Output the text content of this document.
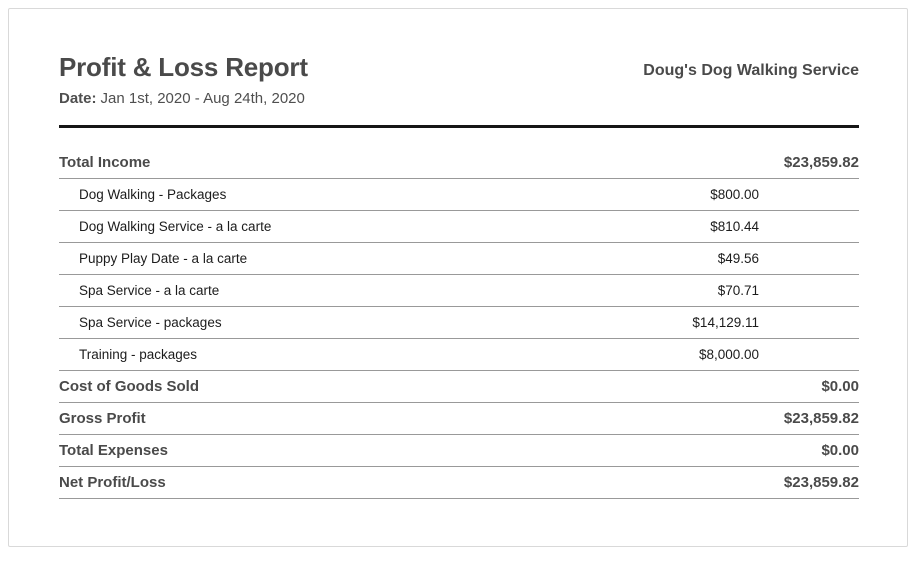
Profit & Loss Report
Date: Jan 1st, 2020 - Aug 24th, 2020
Doug's Dog Walking Service
Total Income	$23,859.82
Dog Walking - Packages	$800.00
Dog Walking Service - a la carte	$810.44
Puppy Play Date - a la carte	$49.56
Spa Service - a la carte	$70.71
Spa Service - packages	$14,129.11
Training - packages	$8,000.00
Cost of Goods Sold	$0.00
Gross Profit	$23,859.82
Total Expenses	$0.00
Net Profit/Loss	$23,859.82
